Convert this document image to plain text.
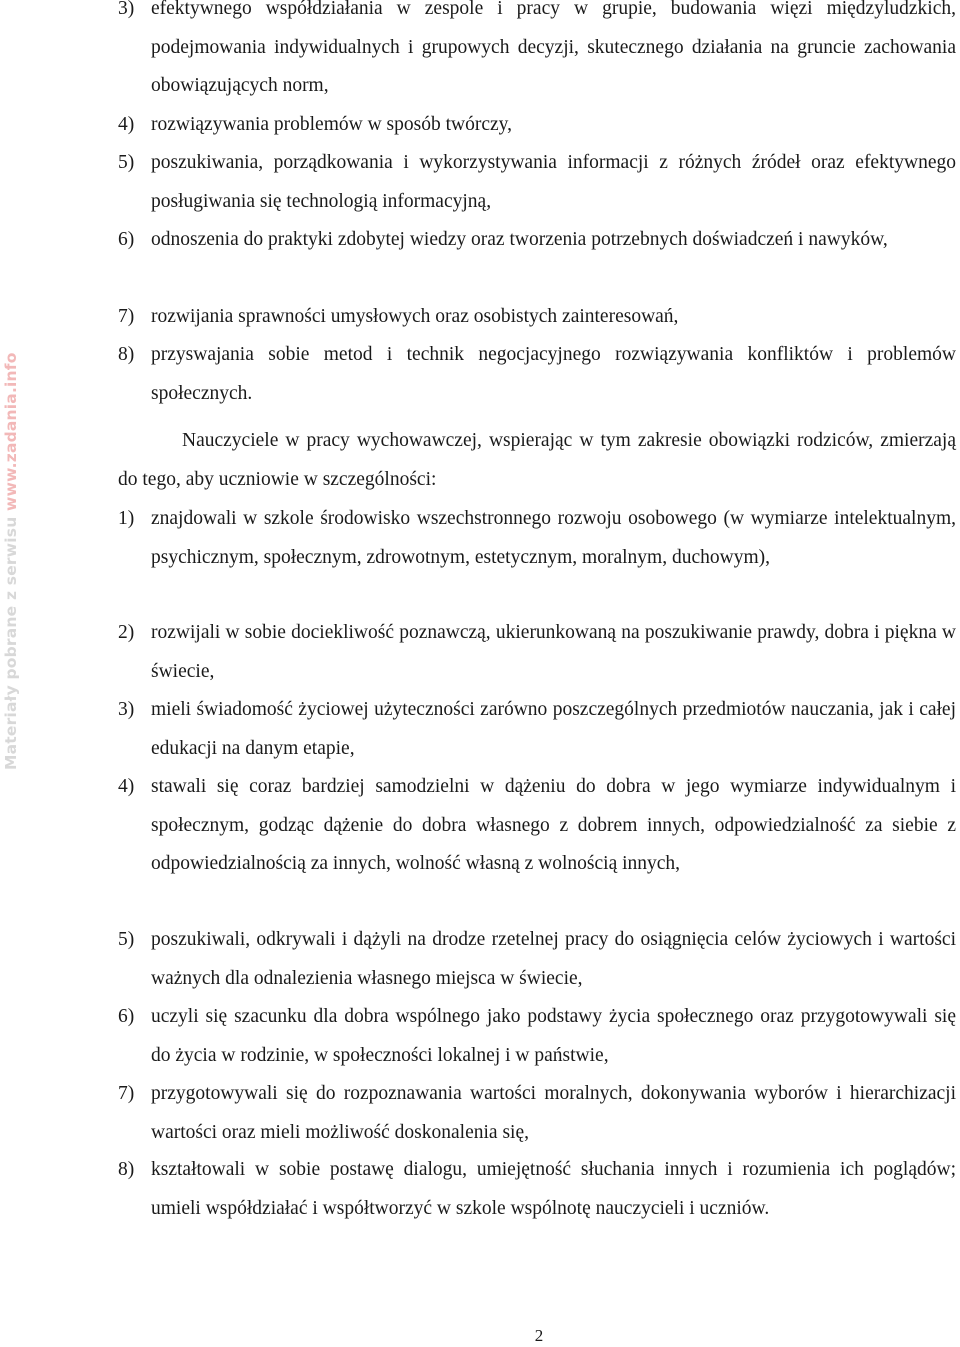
Materiały pobrane z serwisu www.zadania.info
3) efektywnego współdziałania w zespole i pracy w grupie, budowania więzi międzyludzkich, podejmowania indywidualnych i grupowych decyzji, skutecznego działania na gruncie zachowania obowiązujących norm,
4) rozwiązywania problemów w sposób twórczy,
5) poszukiwania, porządkowania i wykorzystywania informacji z różnych źródeł oraz efektywnego posługiwania się technologią informacyjną,
6) odnoszenia do praktyki zdobytej wiedzy oraz tworzenia potrzebnych doświadczeń i nawyków,
7) rozwijania sprawności umysłowych oraz osobistych zainteresowań,
8) przyswajania sobie metod i technik negocjacyjnego rozwiązywania konfliktów i problemów społecznych.

Nauczyciele w pracy wychowawczej, wspierając w tym zakresie obowiązki rodziców, zmierzają do tego, aby uczniowie w szczególności:

1) znajdowali w szkole środowisko wszechstronnego rozwoju osobowego (w wymiarze intelektualnym, psychicznym, społecznym, zdrowotnym, estetycznym, moralnym, duchowym),
2) rozwijali w sobie dociekliwość poznawczą, ukierunkowaną na poszukiwanie prawdy, dobra i piękna w świecie,
3) mieli świadomość życiowej użyteczności zarówno poszczególnych przedmiotów nauczania, jak i całej edukacji na danym etapie,
4) stawali się coraz bardziej samodzielni w dążeniu do dobra w jego wymiarze indywidualnym i społecznym, godząc dążenie do dobra własnego z dobrem innych, odpowiedzialność za siebie z odpowiedzialnością za innych, wolność własną z wolnością innych,
5) poszukiwali, odkrywali i dążyli na drodze rzetelnej pracy do osiągnięcia celów życiowych i wartości ważnych dla odnalezienia własnego miejsca w świecie,
6) uczyli się szacunku dla dobra wspólnego jako podstawy życia społecznego oraz przygotowywali się do życia w rodzinie, w społeczności lokalnej i w państwie,
7) przygotowywali się do rozpoznawania wartości moralnych, dokonywania wyborów i hierarchizacji wartości oraz mieli możliwość doskonalenia się,
8) kształtowali w sobie postawę dialogu, umiejętność słuchania innych i rozumienia ich poglądów; umieli współdziałać i współtworzyć w szkole wspólnotę nauczycieli i uczniów.
2
